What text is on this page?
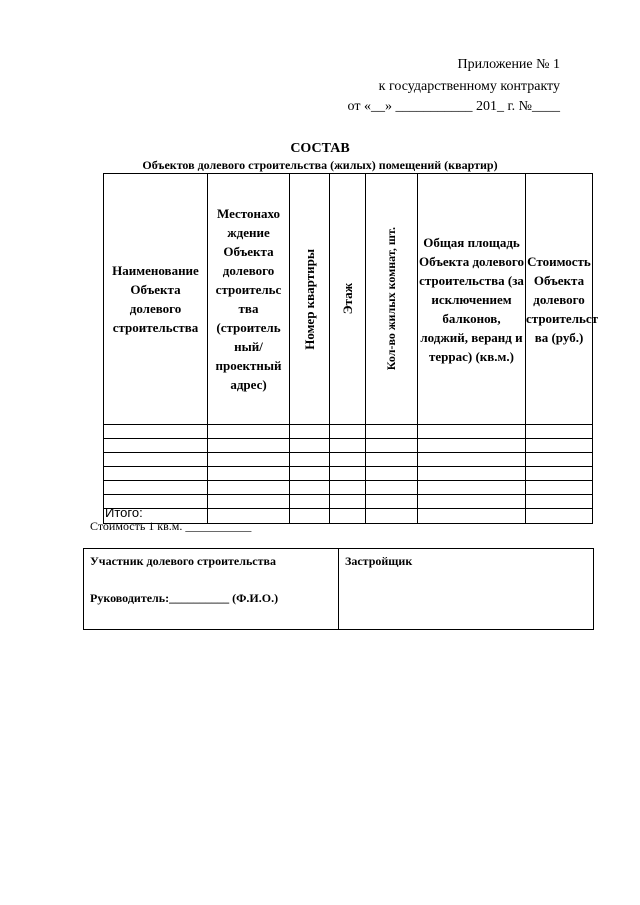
Приложение № 1
к государственному контракту
от «__» ___________ 201_ г. №____
СОСТАВ
Объектов долевого строительства (жилых) помещений (квартир)
Наименование Объекта долевого строительства	Местонахо ждение Объекта долевого строительс тва (строитель ный/ проектный адрес)	Номер квартиры	Этаж	Кол-во жилых комнат, шт.	Общая площадь Объекта долевого строительства (за исключением балконов, лоджий, веранд и террас) (кв.м.)	Стоимость Объекта долевого строительст ва (руб.)

Итого:
Стоимость 1 кв.м. ___________
Участник долевого строительства
Руководитель:__________ (Ф.И.О.)

Застройщик
